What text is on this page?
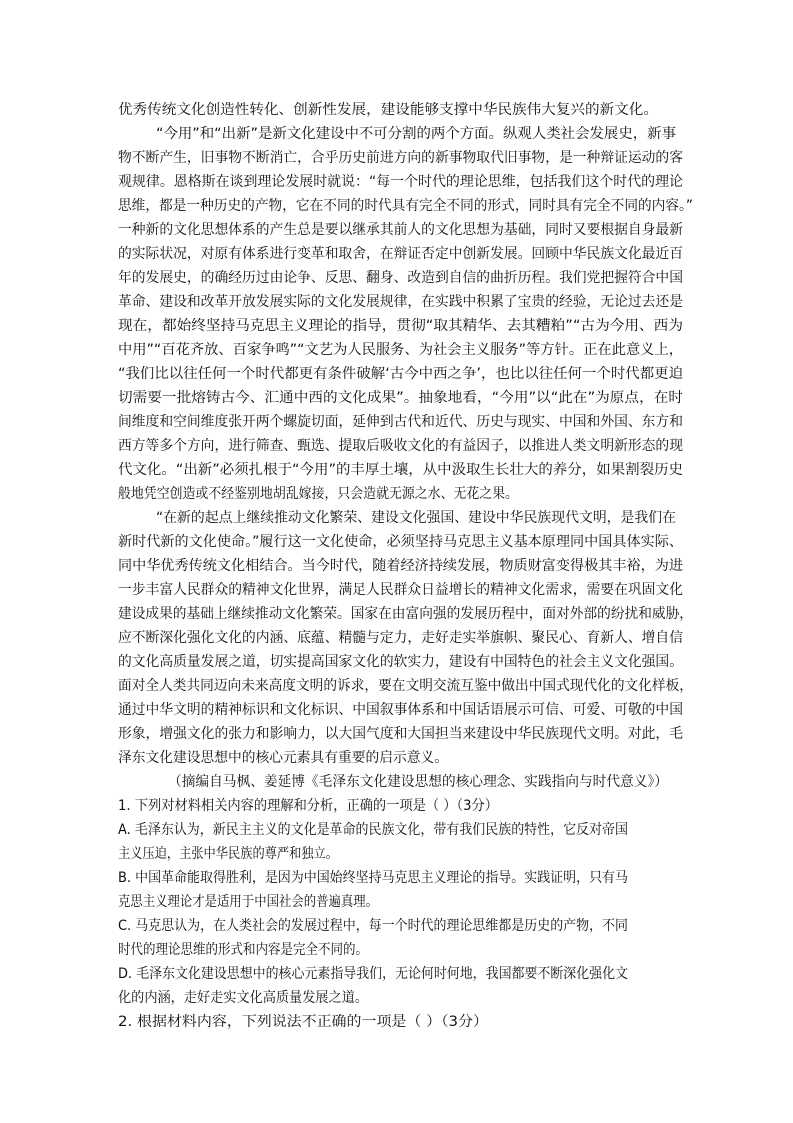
优秀传统文化创造性转化、创新性发展，建设能够支撑中华民族伟大复兴的新文化。
“今用”和“出新”是新文化建设中不可分割的两个方面。纵观人类社会发展史，新事
物不断产生，旧事物不断消亡，合乎历史前进方向的新事物取代旧事物，是一种辩证运动的客
观规律。恩格斯在谈到理论发展时就说：“每一个时代的理论思维，包括我们这个时代的理论
思维，都是一种历史的产物，它在不同的时代具有完全不同的形式，同时具有完全不同的内容。”
一种新的文化思想体系的产生总是要以继承其前人的文化思想为基础，同时又要根据自身最新
的实际状况，对原有体系进行变革和取舍，在辩证否定中创新发展。回顾中华民族文化最近百
年的发展史，的确经历过由论争、反思、翻身、改造到自信的曲折历程。我们党把握符合中国
革命、建设和改革开放发展实际的文化发展规律，在实践中积累了宝贵的经验，无论过去还是
现在，都始终坚持马克思主义理论的指导，贯彻“取其精华、去其糟粕”“古为今用、西为
中用”“百花齐放、百家争鸣”“文艺为人民服务、为社会主义服务”等方针。正在此意义上，
“我们比以往任何一个时代都更有条件破解‘古今中西之争’，也比以往任何一个时代都更迫
切需要一批熔铸古今、汇通中西的文化成果”。抽象地看，“今用”以“此在”为原点，在时
间维度和空间维度张开两个螺旋切面，延伸到古代和近代、历史与现实、中国和外国、东方和
西方等多个方向，进行筛查、甄选、提取后吸收文化的有益因子，以推进人类文明新形态的现
代文化。“出新”必须扎根于“今用”的丰厚土壤，从中汲取生长壮大的养分，如果割裂历史
般地凭空创造或不经鉴别地胡乱嫁接，只会造就无源之水、无花之果。
“在新的起点上继续推动文化繁荣、建设文化强国、建设中华民族现代文明，是我们在
新时代新的文化使命。”履行这一文化使命，必须坚持马克思主义基本原理同中国具体实际、
同中华优秀传统文化相结合。当今时代，随着经济持续发展，物质财富变得极其丰裕，为进
一步丰富人民群众的精神文化世界，满足人民群众日益增长的精神文化需求，需要在巩固文化
建设成果的基础上继续推动文化繁荣。国家在由富向强的发展历程中，面对外部的纷扰和威胁，
应不断深化强化文化的内涵、底蕴、精髓与定力，走好走实举旗帜、聚民心、育新人、增自信
的文化高质量发展之道，切实提高国家文化的软实力，建设有中国特色的社会主义文化强国。
面对全人类共同迈向未来高度文明的诉求，要在文明交流互鉴中做出中国式现代化的文化样板，
通过中华文明的精神标识和文化标识、中国叙事体系和中国话语展示可信、可爱、可敬的中国
形象，增强文化的张力和影响力，以大国气度和大国担当来建设中华民族现代文明。对此，毛
泽东文化建设思想中的核心元素具有重要的启示意义。
（摘编自马枫、姜延博《毛泽东文化建设思想的核心理念、实践指向与时代意义》）
1. 下列对材料相关内容的理解和分析，正确的一项是（ ）（3分）
A. 毛泽东认为，新民主主义的文化是革命的民族文化，带有我们民族的特性，它反对帝国
主义压迫，主张中华民族的尊严和独立。
B. 中国革命能取得胜利，是因为中国始终坚持马克思主义理论的指导。实践证明，只有马
克思主义理论才是适用于中国社会的普遍真理。
C. 马克思认为，在人类社会的发展过程中，每一个时代的理论思维都是历史的产物，不同
时代的理论思维的形式和内容是完全不同的。
D. 毛泽东文化建设思想中的核心元素指导我们，无论何时何地，我国都要不断深化强化文
化的内涵，走好走实文化高质量发展之道。
2. 根据材料内容，下列说法不正确的一项是（ ）（3分）
